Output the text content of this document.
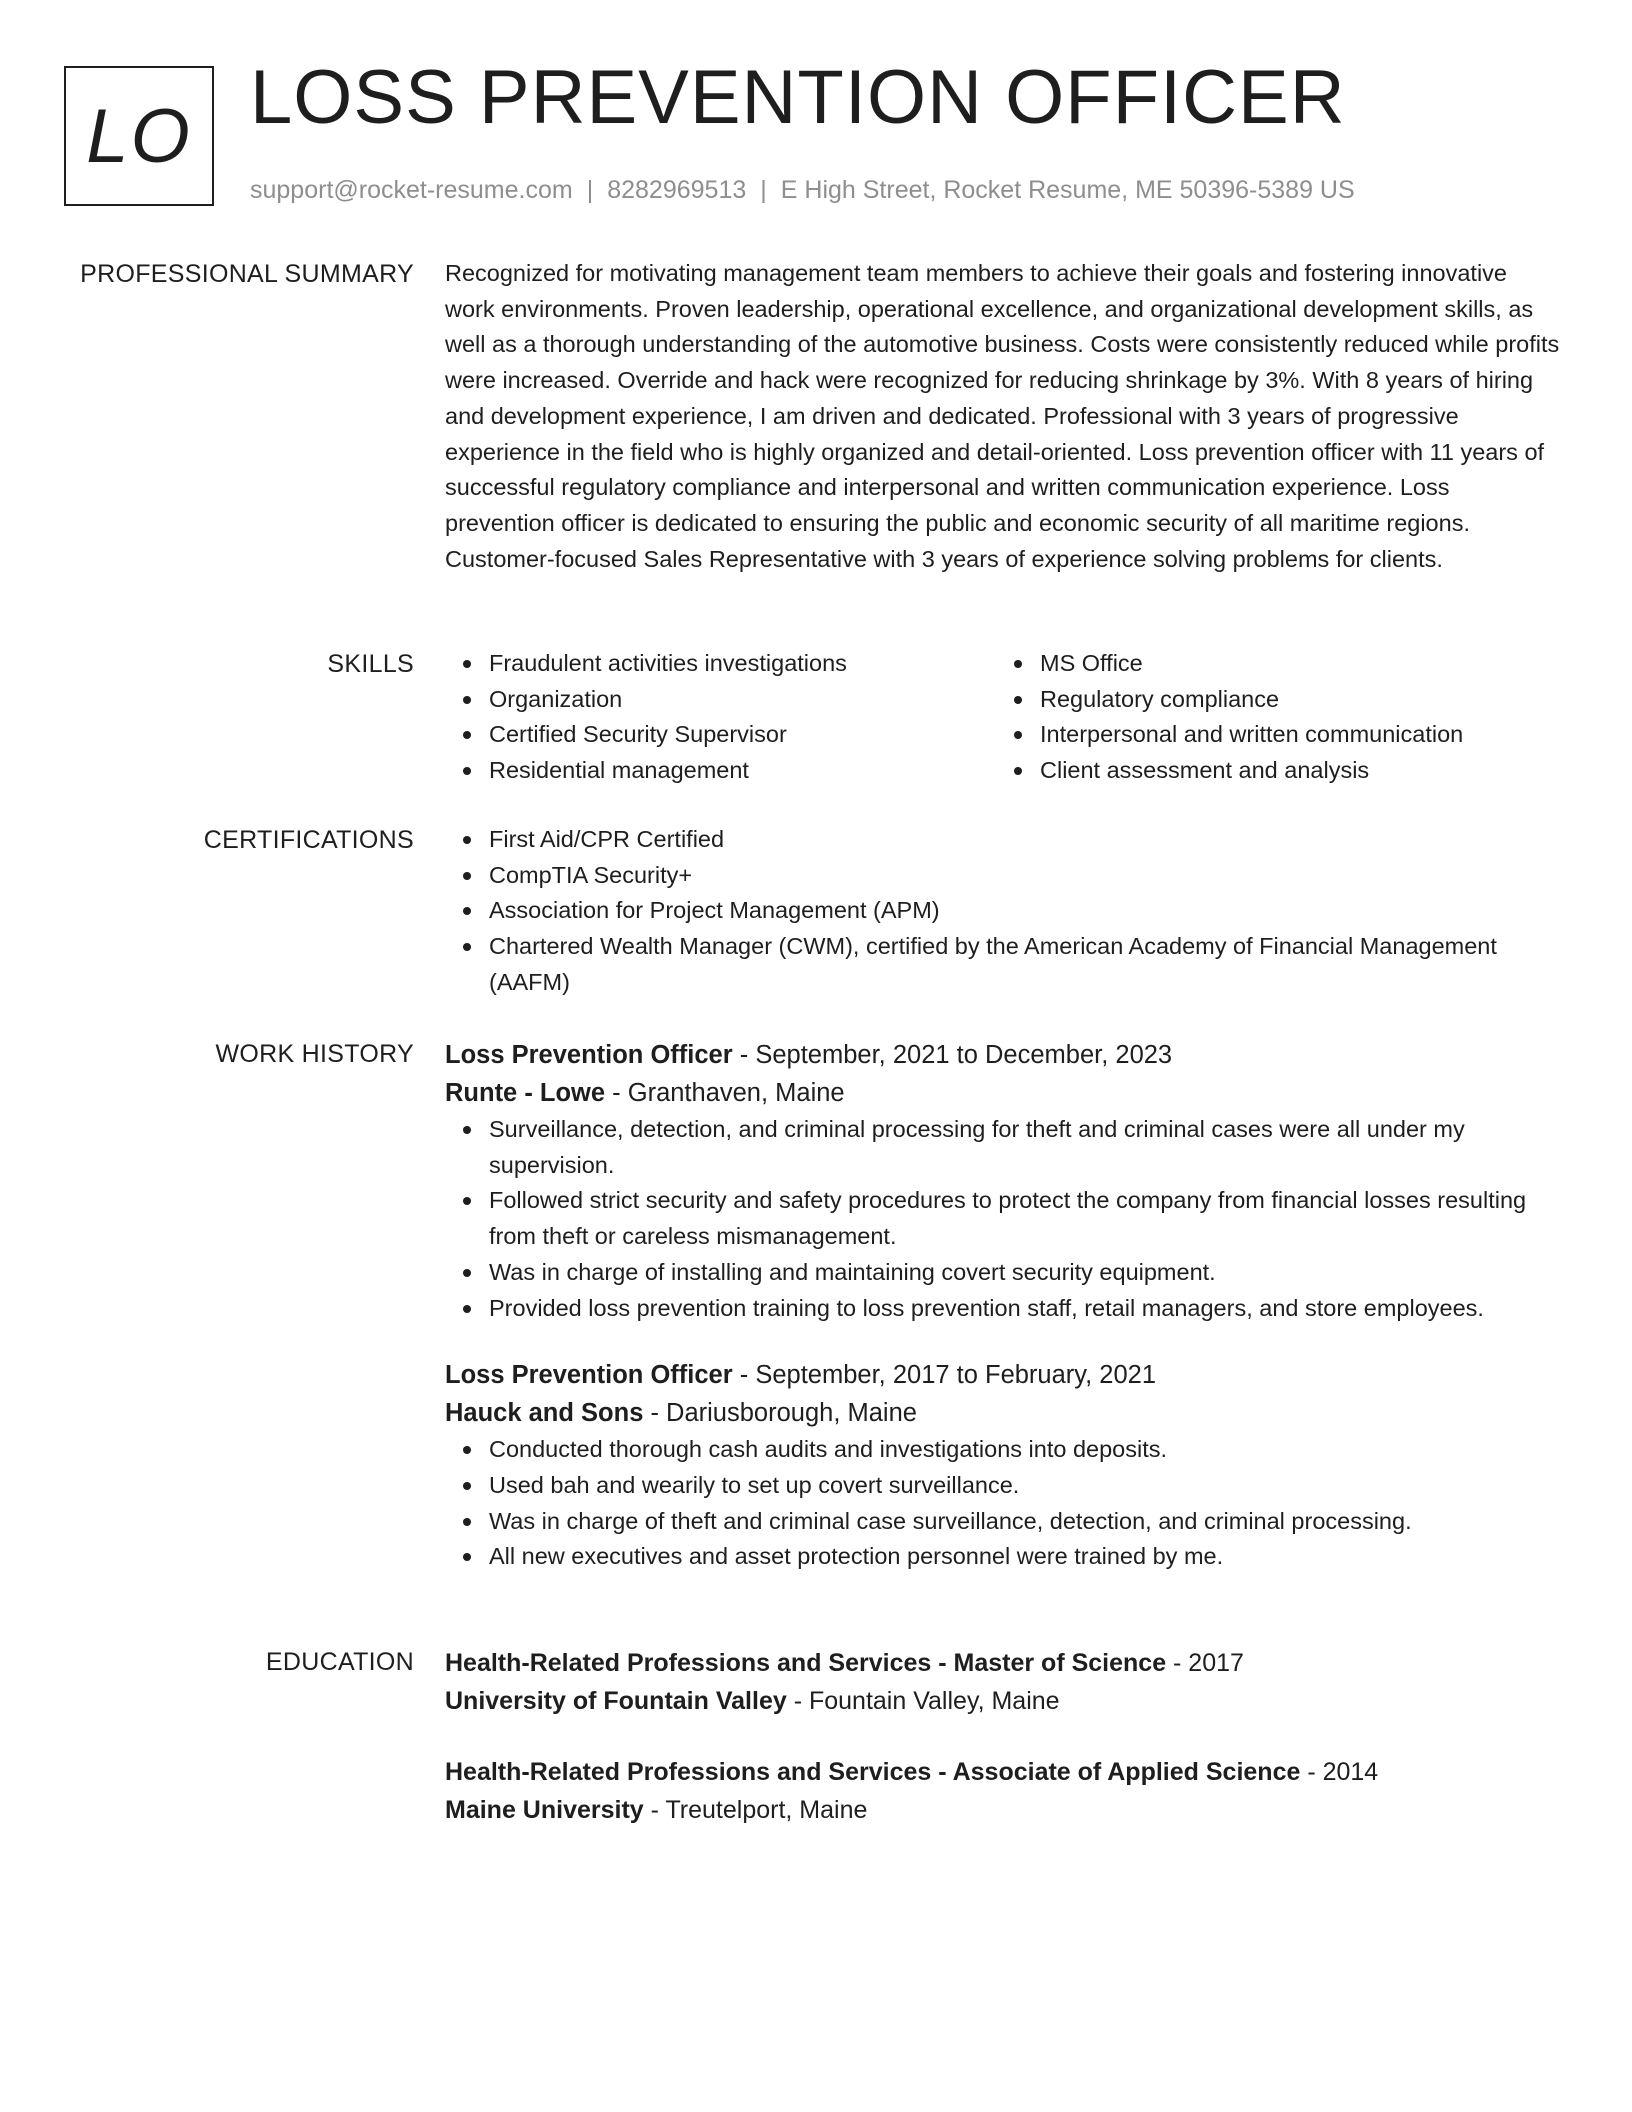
LO LOSS PREVENTION OFFICER
support@rocket-resume.com | 8282969513 | E High Street, Rocket Resume, ME 50396-5389 US
PROFESSIONAL SUMMARY Recognized for motivating management team members to achieve their goals and fostering innovative work environments. Proven leadership, operational excellence, and organizational development skills, as well as a thorough understanding of the automotive business. Costs were consistently reduced while profits were increased. Override and hack were recognized for reducing shrinkage by 3%. With 8 years of hiring and development experience, I am driven and dedicated. Professional with 3 years of progressive experience in the field who is highly organized and detail-oriented. Loss prevention officer with 11 years of successful regulatory compliance and interpersonal and written communication experience. Loss prevention officer is dedicated to ensuring the public and economic security of all maritime regions. Customer-focused Sales Representative with 3 years of experience solving problems for clients.

SKILLS	Fraudulent activities investigations
Organization
Certified Security Supervisor
Residential management
MS Office
Regulatory compliance
Interpersonal and written communication
Client assessment and analysis
CERTIFICATIONS	First Aid/CPR Certified
CompTIA Security+
Association for Project Management (APM)
Chartered Wealth Manager (CWM), certified by the American Academy of Financial Management (AAFM)
WORK HISTORY Loss Prevention Officer - September, 2021 to December, 2023
Runte - Lowe - Granthaven, Maine
Surveillance, detection, and criminal processing for theft and criminal cases were all under my supervision.
Followed strict security and safety procedures to protect the company from financial losses resulting from theft or careless mismanagement.
Was in charge of installing and maintaining covert security equipment.
Provided loss prevention training to loss prevention staff, retail managers, and store employees.
Loss Prevention Officer - September, 2017 to February, 2021
Hauck and Sons - Dariusborough, Maine
Conducted thorough cash audits and investigations into deposits.
Used bah and wearily to set up covert surveillance.
Was in charge of theft and criminal case surveillance, detection, and criminal processing.
All new executives and asset protection personnel were trained by me.
EDUCATION Health-Related Professions and Services - Master of Science - 2017
University of Fountain Valley - Fountain Valley, Maine
Health-Related Professions and Services - Associate of Applied Science - 2014
Maine University - Treutelport, Maine
